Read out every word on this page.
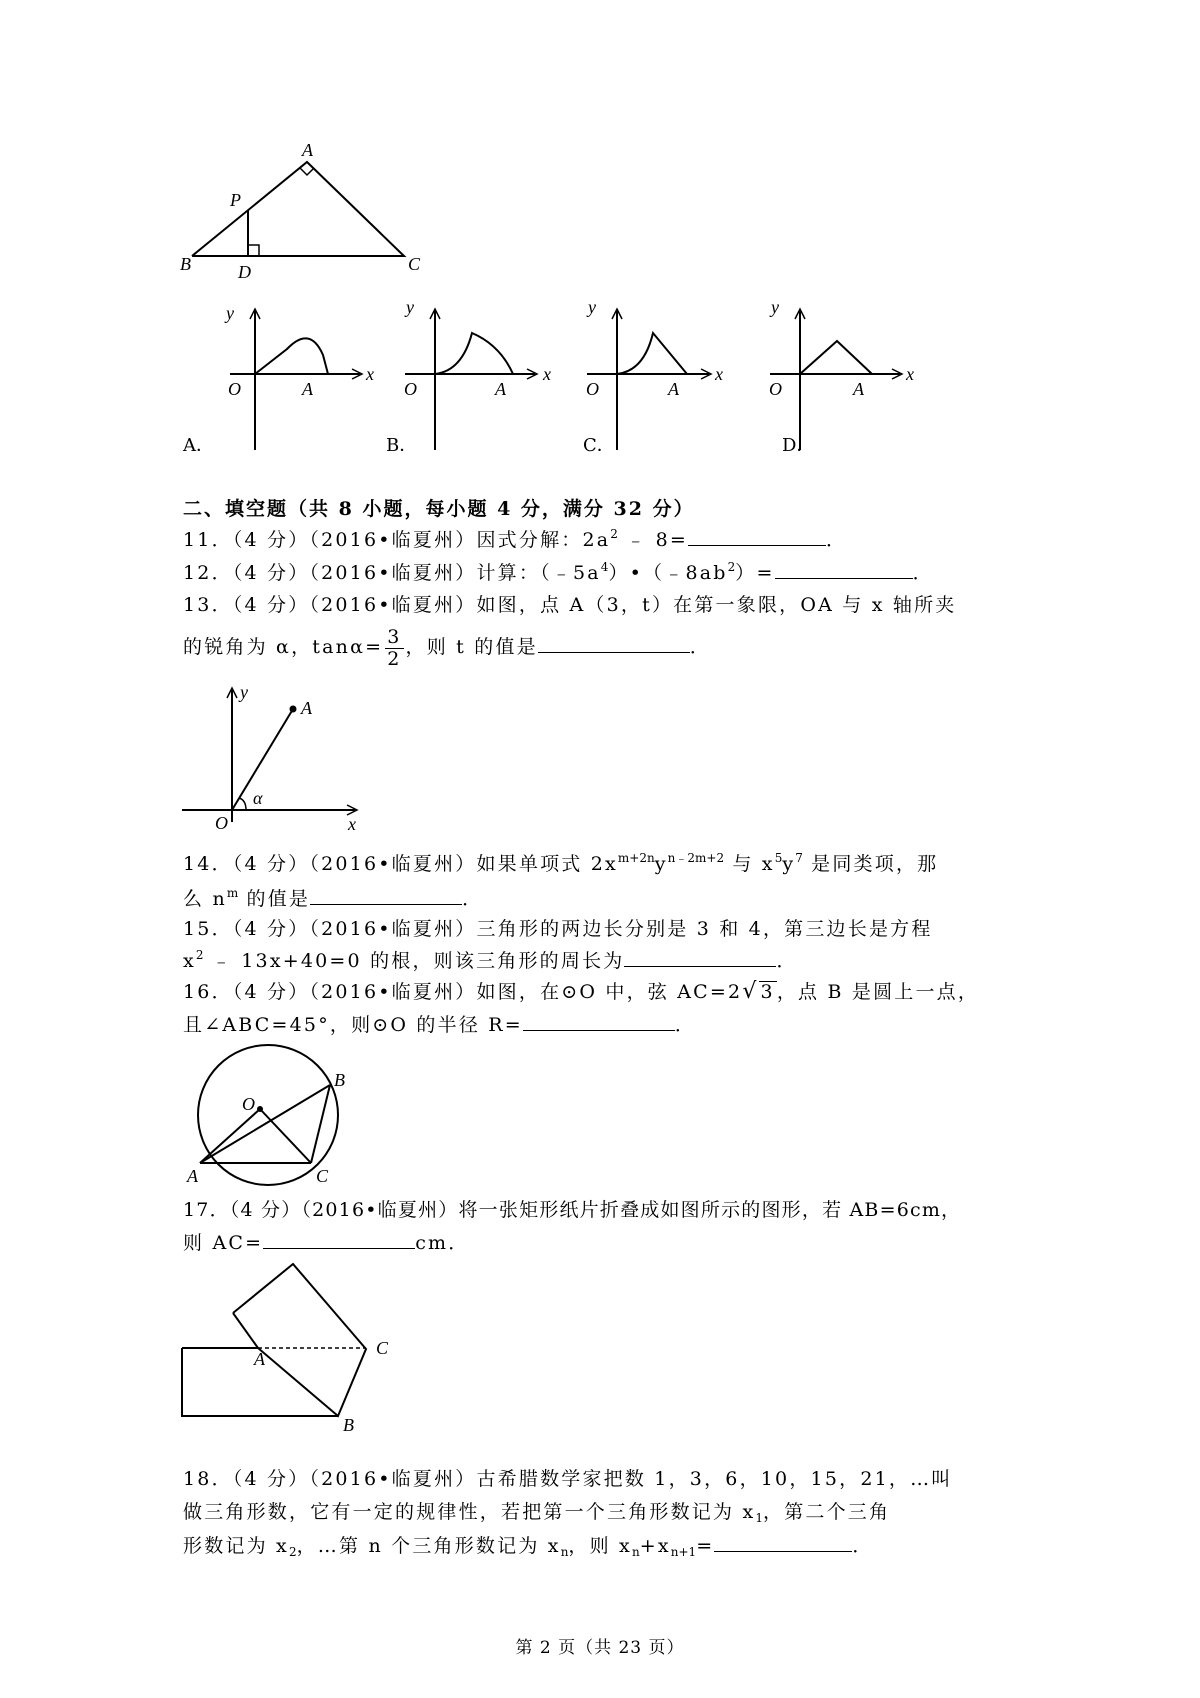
A
P
B	D	C
y
x
O	A
y
x
O	A
y
x
O	A
y
x
O	A
A．	B．	C．	D．
二、填空题（共 8 小题，每小题 4 分，满分 32 分）
11．（4 分）（2016•临夏州）因式分解：$2a^2$ ﹣ 8=	．
12．（4 分）（2016•临夏州）计算：$(﹣5a^4)•(﹣8ab^2)=$	．
13．（4 分）（2016•临夏州）如图，点 A（3，t）在第一象限，OA 与 x 轴所夹
的锐角为 α，$\tan\alpha= \frac{3}{2}$ ，则 t 的值是	．
y
A
α
O	x
14．（4 分）（2016•临夏州）如果单项式 $2x^{m+2n}y^{n﹣2m+2}$ 与 $x^5y^7$ 是同类项，那
么 $n^m$ 的值是	．
15．（4 分）（2016•临夏州）三角形的两边长分别是 3 和 4，第三边长是方程
$x^2$ ﹣ 13x+40=0 的根，则该三角形的周长为	．
16．（4 分）（2016•临夏州）如图，在⊙O 中，弦 AC=2√ 3 ，点 B 是圆上一点，
且∠ABC=45°，则⊙O 的半径 R=	．
O
B
A	C
17．（4 分）（2016•临夏州）将一张矩形纸片折叠成如图所示的图形，若 AB=6cm，
则 AC=	cm．
A
C
B
18．（4 分）（2016•临夏州）古希腊数学家把数 1，3，6，10，15，21，…叫
做三角形数，它有一定的规律性，若把第一个三角形数记为 $x_1$，第二个三角
形数记为 $x_2$，…第 n 个三角形数记为 $x_n$，则 $x_n+x_{n+1}=$	．
第 2 页（共 23 页）
